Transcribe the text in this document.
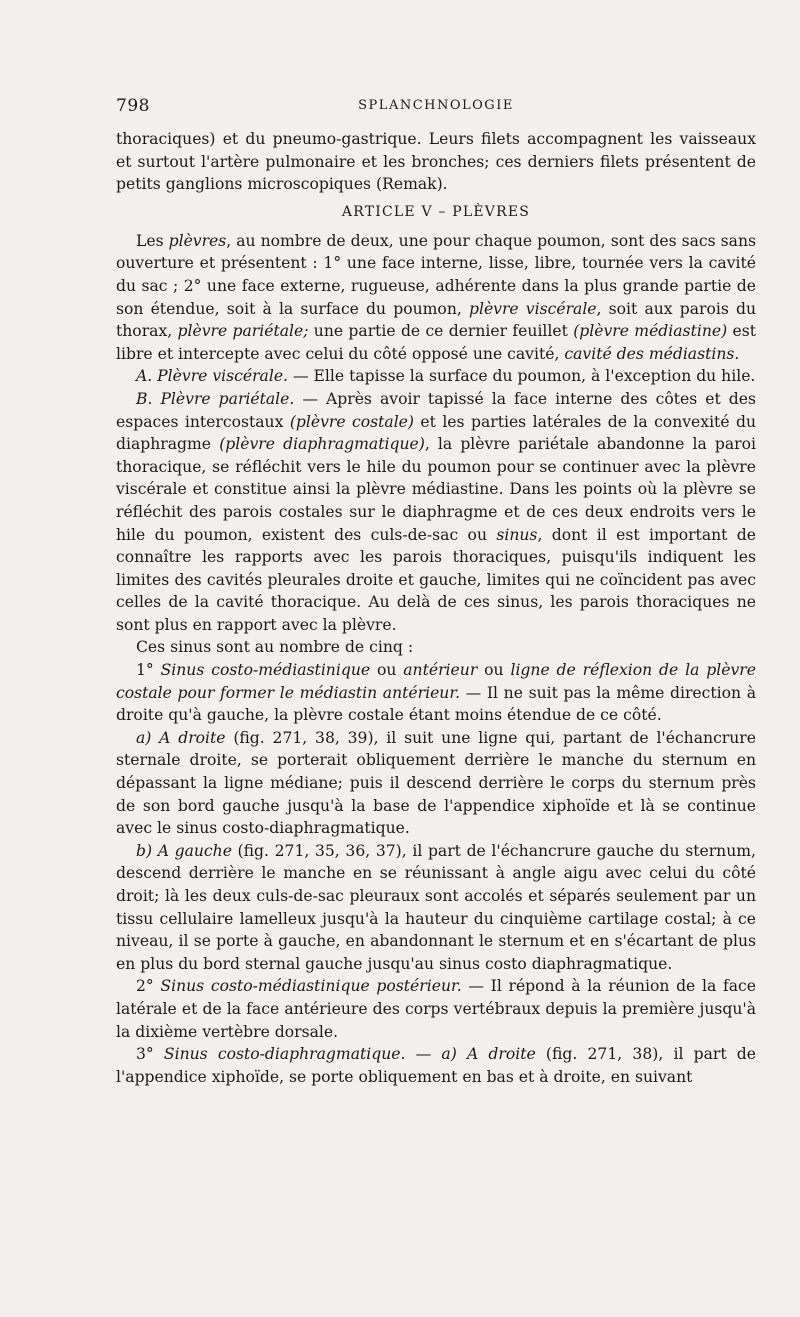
798	SPLANCHNOLOGIE

thoraciques) et du pneumo-gastrique. Leurs filets accompagnent les vaisseaux et surtout l'artère pulmonaire et les bronches; ces derniers filets présentent de petits ganglions microscopiques (Remak).

ARTICLE V – PLÈVRES

Les plèvres, au nombre de deux, une pour chaque poumon, sont des sacs sans ouverture et présentent : 1° une face interne, lisse, libre, tournée vers la cavité du sac ; 2° une face externe, rugueuse, adhérente dans la plus grande partie de son étendue, soit à la surface du poumon, plèvre viscérale, soit aux parois du thorax, plèvre pariétale; une partie de ce dernier feuillet (plèvre médiastine) est libre et intercepte avec celui du côté opposé une cavité, cavité des médiastins.

A. Plèvre viscérale. — Elle tapisse la surface du poumon, à l'exception du hile.

B. Plèvre pariétale. — Après avoir tapissé la face interne des côtes et des espaces intercostaux (plèvre costale) et les parties latérales de la convexité du diaphragme (plèvre diaphragmatique), la plèvre pariétale abandonne la paroi thoracique, se réfléchit vers le hile du poumon pour se continuer avec la plèvre viscérale et constitue ainsi la plèvre médiastine. Dans les points où la plèvre se réfléchit des parois costales sur le diaphragme et de ces deux endroits vers le hile du poumon, existent des culs-de-sac ou sinus, dont il est important de connaître les rapports avec les parois thoraciques, puisqu'ils indiquent les limites des cavités pleurales droite et gauche, limites qui ne coïncident pas avec celles de la cavité thoracique. Au delà de ces sinus, les parois thoraciques ne sont plus en rapport avec la plèvre.

Ces sinus sont au nombre de cinq :

1° Sinus costo-médiastinique ou antérieur ou ligne de réflexion de la plèvre costale pour former le médiastin antérieur. — Il ne suit pas la même direction à droite qu'à gauche, la plèvre costale étant moins étendue de ce côté.

a) A droite (fig. 271, 38, 39), il suit une ligne qui, partant de l'échancrure sternale droite, se porterait obliquement derrière le manche du sternum en dépassant la ligne médiane; puis il descend derrière le corps du sternum près de son bord gauche jusqu'à la base de l'appendice xiphoïde et là se continue avec le sinus costo-diaphragmatique.

b) A gauche (fig. 271, 35, 36, 37), il part de l'échancrure gauche du sternum, descend derrière le manche en se réunissant à angle aigu avec celui du côté droit; là les deux culs-de-sac pleuraux sont accolés et séparés seulement par un tissu cellulaire lamelleux jusqu'à la hauteur du cinquième cartilage costal; à ce niveau, il se porte à gauche, en abandonnant le sternum et en s'écartant de plus en plus du bord sternal gauche jusqu'au sinus costo diaphragmatique.

2° Sinus costo-médiastinique postérieur. — Il répond à la réunion de la face latérale et de la face antérieure des corps vertébraux depuis la première jusqu'à la dixième vertèbre dorsale.

3° Sinus costo-diaphragmatique. — a) A droite (fig. 271, 38), il part de l'appendice xiphoïde, se porte obliquement en bas et à droite, en suivant
